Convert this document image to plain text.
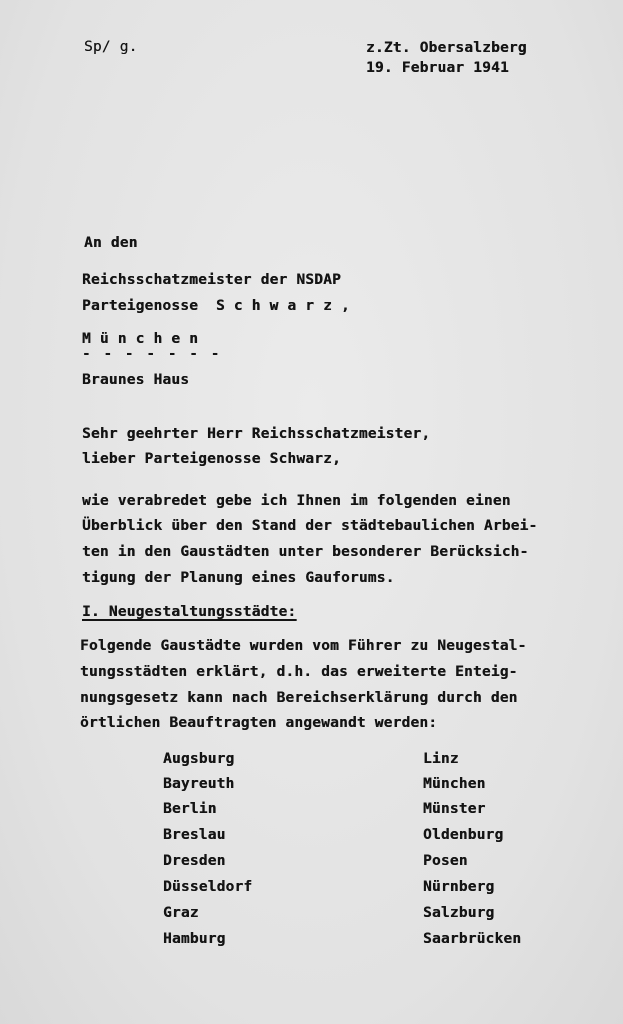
Sp/ g.	z.Zt. Obersalzberg
19. Februar 1941
An den
Reichsschatzmeister der NSDAP
Parteigenosse  S c h w a r z ,
M ü n c h e n
- - - - - - -
Braunes Haus
Sehr geehrter Herr Reichsschatzmeister,
lieber Parteigenosse Schwarz,
wie verabredet gebe ich Ihnen im folgenden einen
Überblick über den Stand der städtebaulichen Arbei-
ten in den Gaustädten unter besonderer Berücksich-
tigung der Planung eines Gauforums.
I. Neugestaltungsstädte:
Folgende Gaustädte wurden vom Führer zu Neugestal-
tungsstädten erklärt, d.h. das erweiterte Enteig-
nungsgesetz kann nach Bereichserklärung durch den
örtlichen Beauftragten angewandt werden:
Augsburg
Bayreuth
Berlin
Breslau
Dresden
Düsseldorf
Graz
Hamburg
Linz
München
Münster
Oldenburg
Posen
Nürnberg
Salzburg
Saarbrücken
